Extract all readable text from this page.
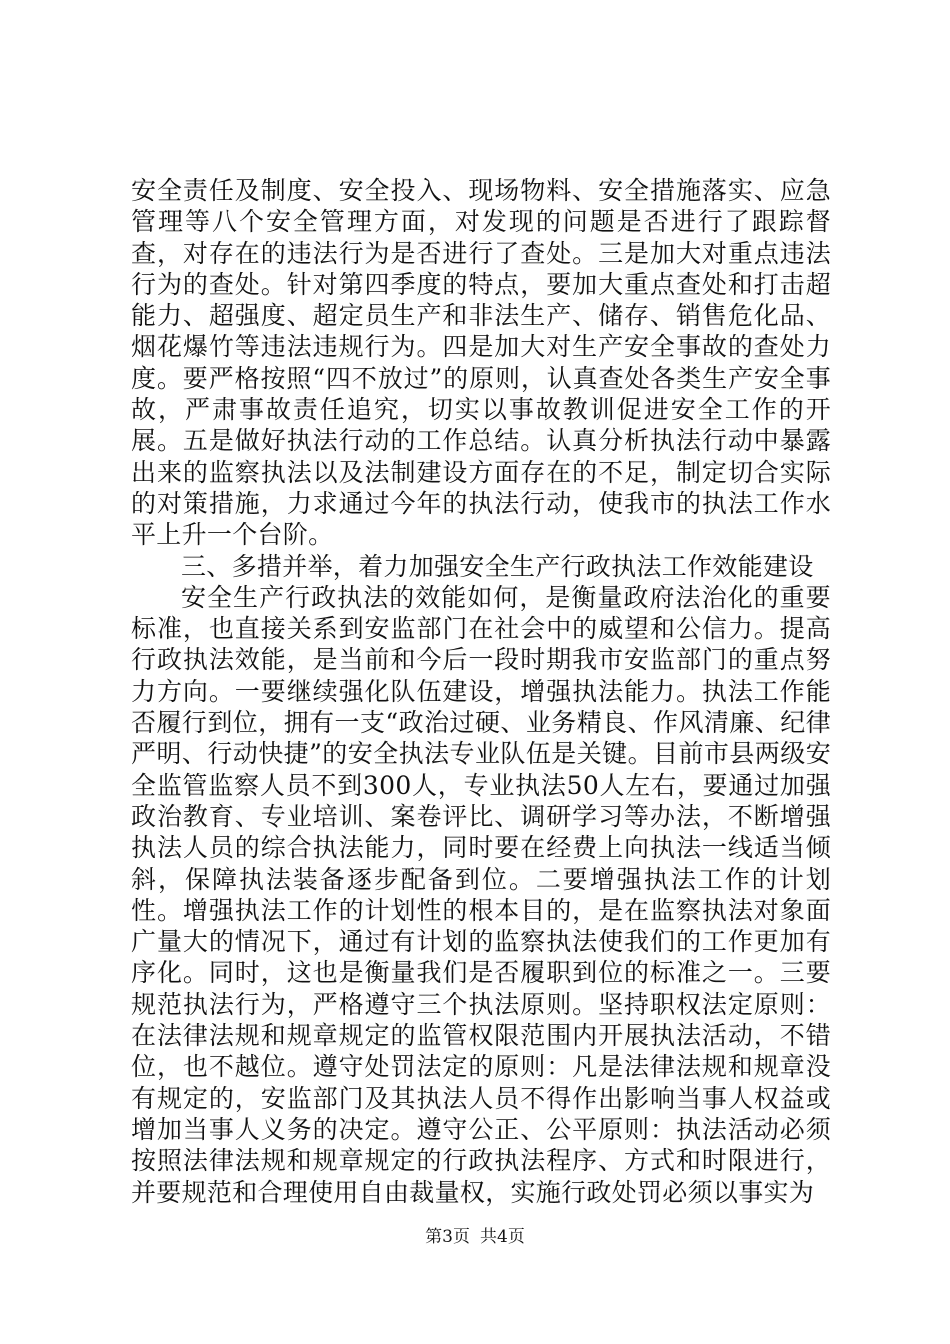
安全责任及制度、安全投入、现场物料、安全措施落实、应急管理等八个安全管理方面，对发现的问题是否进行了跟踪督查，对存在的违法行为是否进行了查处。三是加大对重点违法行为的查处。针对第四季度的特点，要加大重点查处和打击超能力、超强度、超定员生产和非法生产、储存、销售危化品、烟花爆竹等违法违规行为。四是加大对生产安全事故的查处力度。要严格按照“四不放过”的原则，认真查处各类生产安全事故，严肃事故责任追究，切实以事故教训促进安全工作的开展。五是做好执法行动的工作总结。认真分析执法行动中暴露出来的监察执法以及法制建设方面存在的不足，制定切合实际的对策措施，力求通过今年的执法行动，使我市的执法工作水平上升一个台阶。

三、多措并举，着力加强安全生产行政执法工作效能建设

安全生产行政执法的效能如何，是衡量政府法治化的重要标准，也直接关系到安监部门在社会中的威望和公信力。提高行政执法效能，是当前和今后一段时期我市安监部门的重点努力方向。一要继续强化队伍建设，增强执法能力。执法工作能否履行到位，拥有一支“政治过硬、业务精良、作风清廉、纪律严明、行动快捷”的安全执法专业队伍是关键。目前市县两级安全监管监察人员不到300人，专业执法50人左右，要通过加强政治教育、专业培训、案卷评比、调研学习等办法，不断增强执法人员的综合执法能力，同时要在经费上向执法一线适当倾斜，保障执法装备逐步配备到位。二要增强执法工作的计划性。增强执法工作的计划性的根本目的，是在监察执法对象面广量大的情况下，通过有计划的监察执法使我们的工作更加有序化。同时，这也是衡量我们是否履职到位的标准之一。三要规范执法行为，严格遵守三个执法原则。坚持职权法定原则：在法律法规和规章规定的监管权限范围内开展执法活动，不错位，也不越位。遵守处罚法定的原则：凡是法律法规和规章没有规定的，安监部门及其执法人员不得作出影响当事人权益或增加当事人义务的决定。遵守公正、公平原则：执法活动必须按照法律法规和规章规定的行政执法程序、方式和时限进行，并要规范和合理使用自由裁量权，实施行政处罚必须以事实为

第3页 共4页
